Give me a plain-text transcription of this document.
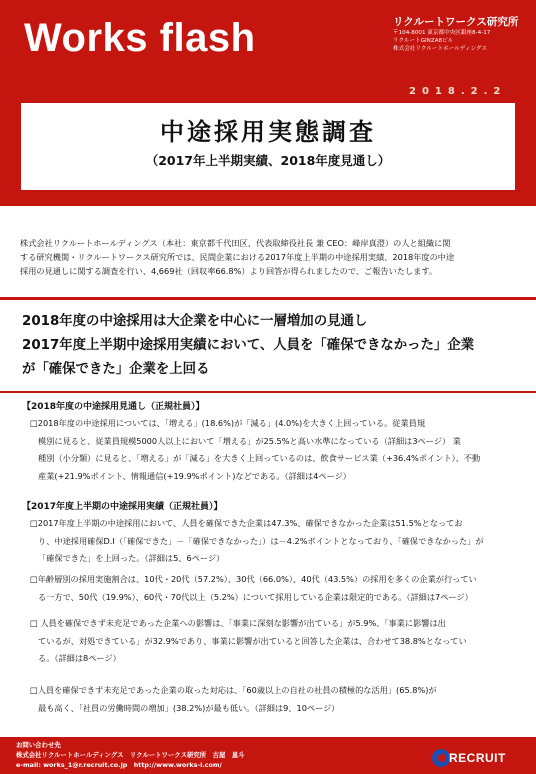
Works flash	リクルートワークス研究所
〒104-8001 東京都中央区銀座8-4-17
リクルートGINZA8ビル
株式会社リクルートホールディングス
2018.2.2
中途採用実態調査
（2017年上半期実績、2018年度見通し）
株式会社リクルートホールディングス（本社：東京都千代田区、代表取締役社長 兼 CEO：峰岸真澄）の人と組織に関
する研究機関・リクルートワークス研究所では、民間企業における2017年度上半期の中途採用実績、2018年度の中途
採用の見通しに関する調査を行い、4,669社（回収率66.8%）より回答が得られましたので、ご報告いたします。
2018年度の中途採用は大企業を中心に一層増加の見通し
2017年度上半期中途採用実績において、人員を「確保できなかった」企業
が「確保できた」企業を上回る
【2018年度の中途採用見通し（正規社員）】
□2018年度の中途採用については、「増える」(18.6%)が「減る」(4.0%)を大きく上回っている。従業員規
模別に見ると、従業員規模5000人以上において「増える」が25.5%と高い水準になっている（詳細は3ページ） 業
種別（小分類）に見ると、「増える」が「減る」を大きく上回っているのは、飲食サービス業（+36.4%ポイント）、不動
産業(+21.9%ポイント、情報通信(+19.9%ポイント)などである。（詳細は4ページ）
【2017年度上半期の中途採用実績（正規社員）】
□2017年度上半期の中途採用において、人員を確保できた企業は47.3%、確保できなかった企業は51.5%となってお
り、中途採用確保D.I（「確保できた」－「確保できなかった」）は－4.2%ポイントとなっており、「確保できなかった」が
「確保できた」を上回った。（詳細は5、6ページ）
□年齢層別の採用実施割合は、10代・20代（57.2%）、30代（66.0%）、40代（43.5%）の採用を多くの企業が行ってい
る一方で、50代（19.9%）、60代・70代以上（5.2%）について採用している企業は限定的である。（詳細は7ページ）
□ 人員を確保できず未充足であった企業への影響は、「事業に深刻な影響が出ている」が5.9%、「事業に影響は出
ているが、対処できている」が32.9%であり、事業に影響が出ていると回答した企業は、合わせて38.8%となってい
る。（詳細は8ページ）
□人員を確保できず未充足であった企業の取った対応は、「60歳以上の自社の社員の積極的な活用」(65.8%)が
最も高く、「社員の労働時間の増加」(38.2%)が最も低い。（詳細は9、10ページ）
お問い合わせ先
株式会社リクルートホールディングス　リクルートワークス研究所　古屋　星斗
e-mail: works_1@r.recruit.co.jp　http://www.works-i.com/	RECRUIT
